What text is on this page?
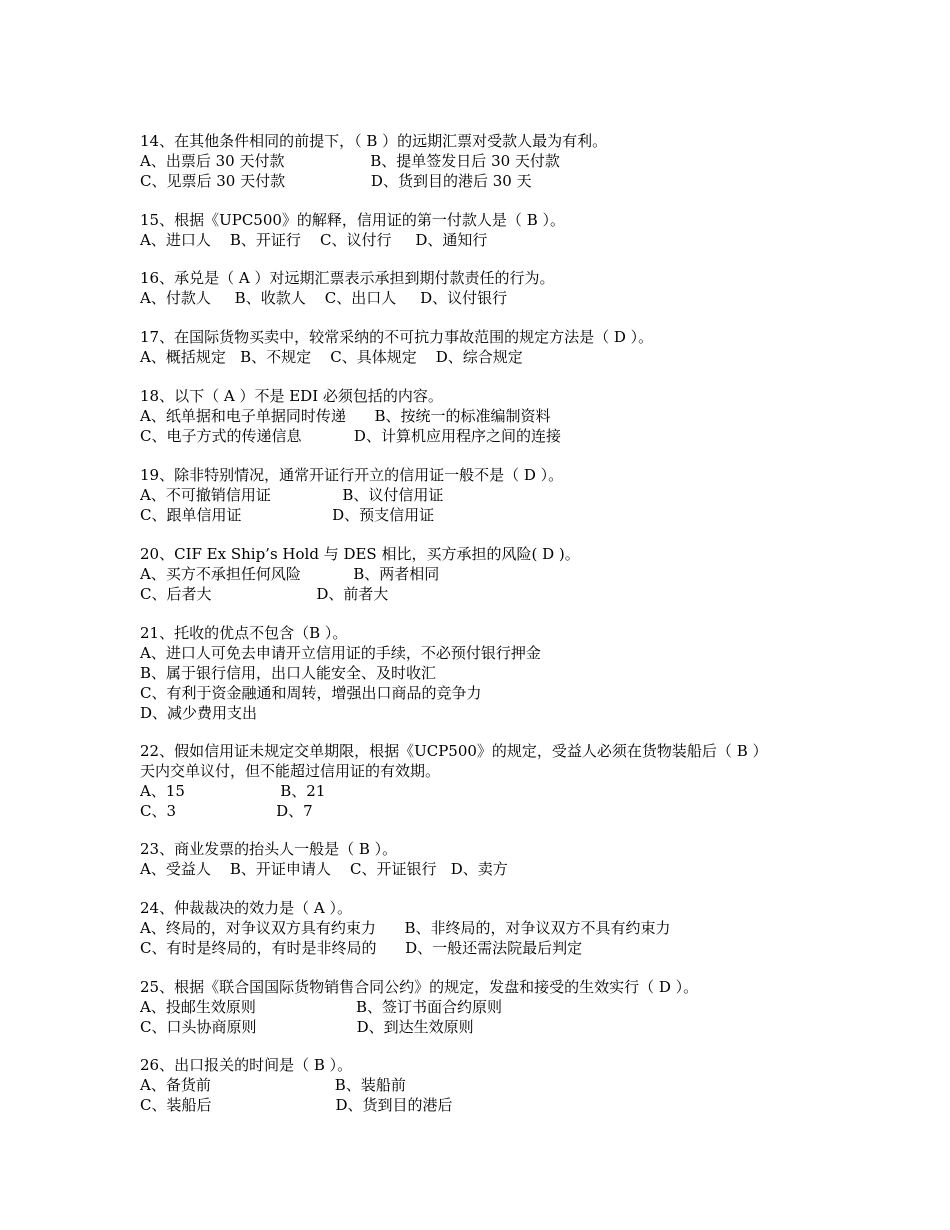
14、在其他条件相同的前提下，（ B ）的远期汇票对受款人最为有利。
A、出票后 30 天付款                  B、提单签发日后 30 天付款
C、见票后 30 天付款                  D、货到目的港后 30 天
15、根据《UPC500》的解释，信用证的第一付款人是（ B ）。
A、进口人    B、开证行    C、议付行     D、通知行
16、承兑是（ A ）对远期汇票表示承担到期付款责任的行为。
A、付款人     B、收款人    C、出口人     D、议付银行
17、在国际货物买卖中，较常采纳的不可抗力事故范围的规定方法是（ D ）。
A、概括规定   B、不规定    C、具体规定    D、综合规定
18、以下（ A ）不是 EDI 必须包括的内容。
A、纸单据和电子单据同时传递      B、按统一的标准编制资料
C、电子方式的传递信息           D、计算机应用程序之间的连接
19、除非特别情况，通常开证行开立的信用证一般不是（ D ）。
A、不可撤销信用证               B、议付信用证
C、跟单信用证                   D、预支信用证
20、CIF Ex Ship’s Hold 与 DES 相比，买方承担的风险( D )。
A、买方不承担任何风险           B、两者相同
C、后者大                      D、前者大
21、托收的优点不包含（B ）。
A、进口人可免去申请开立信用证的手续，不必预付银行押金
B、属于银行信用，出口人能安全、及时收汇
C、有利于资金融通和周转，增强出口商品的竞争力
D、减少费用支出
22、假如信用证未规定交单期限，根据《UCP500》的规定，受益人必须在货物装船后（ B ）
天内交单议付，但不能超过信用证的有效期。
A、15                    B、21
C、3                     D、7
23、商业发票的抬头人一般是（ B ）。
A、受益人    B、开证申请人    C、开证银行   D、卖方
24、仲裁裁决的效力是（ A ）。
A、终局的，对争议双方具有约束力      B、非终局的，对争议双方不具有约束力
C、有时是终局的，有时是非终局的      D、一般还需法院最后判定
25、根据《联合国国际货物销售合同公约》的规定，发盘和接受的生效实行（ D ）。
A、投邮生效原则                     B、签订书面合约原则
C、口头协商原则                     D、到达生效原则
26、出口报关的时间是（ B ）。
A、备货前                          B、装船前
C、装船后                          D、货到目的港后
